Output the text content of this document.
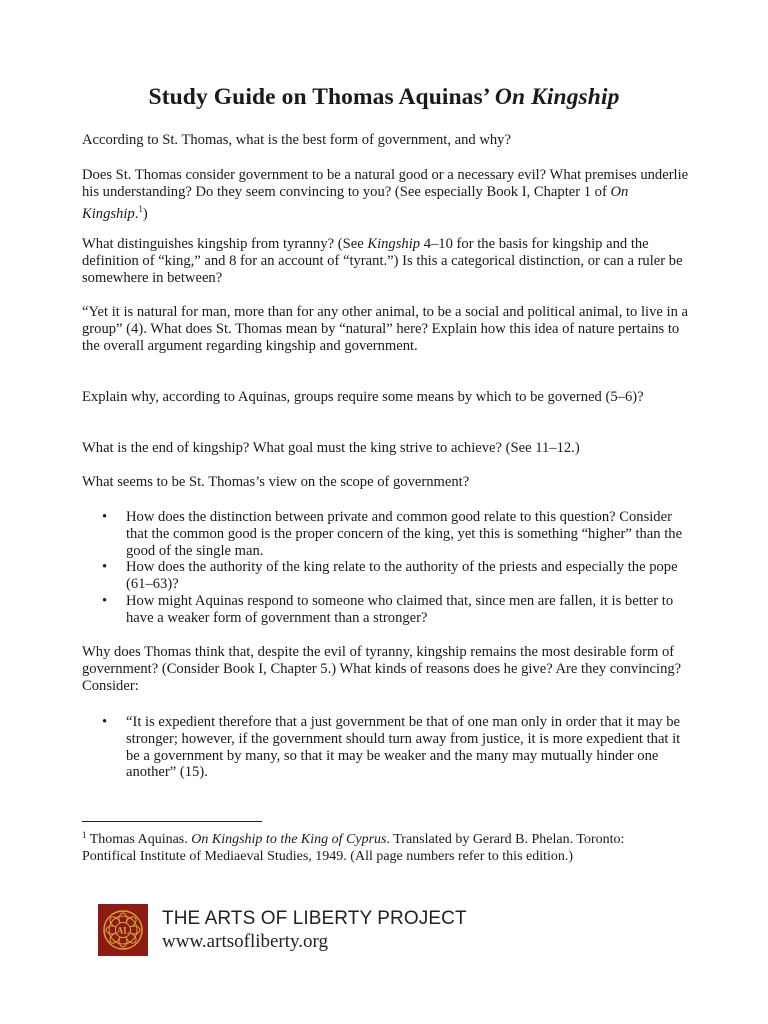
Study Guide on Thomas Aquinas’ On Kingship

According to St. Thomas, what is the best form of government, and why?

Does St. Thomas consider government to be a natural good or a necessary evil? What premises underlie his understanding? Do they seem convincing to you? (See especially Book I, Chapter 1 of On Kingship.$^1$)

What distinguishes kingship from tyranny? (See Kingship 4–10 for the basis for kingship and the definition of “king,” and 8 for an account of “tyrant.”) Is this a categorical distinction, or can a ruler be somewhere in between?

“Yet it is natural for man, more than for any other animal, to be a social and political animal, to live in a group” (4). What does St. Thomas mean by “natural” here? Explain how this idea of nature pertains to the overall argument regarding kingship and government.

Explain why, according to Aquinas, groups require some means by which to be governed (5–6)?

What is the end of kingship? What goal must the king strive to achieve? (See 11–12.)

What seems to be St. Thomas’s view on the scope of government?

• How does the distinction between private and common good relate to this question? Consider that the common good is the proper concern of the king, yet this is something “higher” than the good of the single man.
• How does the authority of the king relate to the authority of the priests and especially the pope (61–63)?
• How might Aquinas respond to someone who claimed that, since men are fallen, it is better to have a weaker form of government than a stronger?

Why does Thomas think that, despite the evil of tyranny, kingship remains the most desirable form of government? (Consider Book I, Chapter 5.) What kinds of reasons does he give? Are they convincing? Consider:

• “It is expedient therefore that a just government be that of one man only in order that it may be stronger; however, if the government should turn away from justice, it is more expedient that it be a government by many, so that it may be weaker and the many may mutually hinder one another” (15).
$^1$ Thomas Aquinas. On Kingship to the King of Cyprus. Translated by Gerard B. Phelan. Toronto: Pontifical Institute of Mediaeval Studies, 1949. (All page numbers refer to this edition.)
AL
THE ARTS OF LIBERTY PROJECT
www.artsofliberty.org
